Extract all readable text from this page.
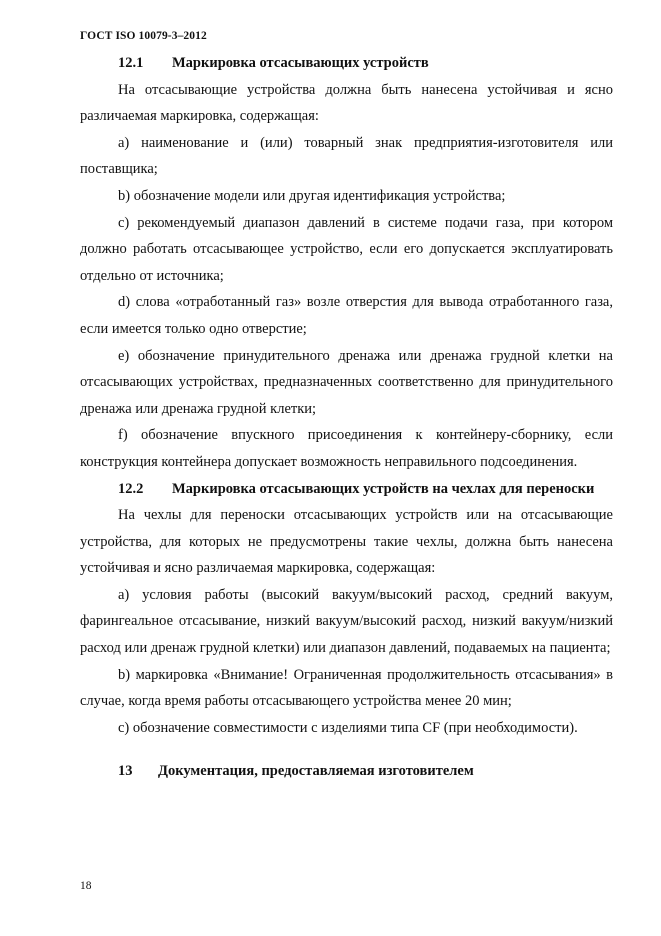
ГОСТ ISO 10079-3–2012

12.1 Маркировка отсасывающих устройств

На отсасывающие устройства должна быть нанесена устойчивая и ясно различаемая маркировка, содержащая:

а) наименование и (или) товарный знак предприятия-изготовителя или поставщика;

b) обозначение модели или другая идентификация устройства;

с) рекомендуемый диапазон давлений в системе подачи газа, при котором должно работать отсасывающее устройство, если его допускается эксплуатировать отдельно от источника;

d) слова «отработанный газ» возле отверстия для вывода отработанного газа, если имеется только одно отверстие;

е) обозначение принудительного дренажа или дренажа грудной клетки на отсасывающих устройствах, предназначенных соответственно для принудительного дренажа или дренажа грудной клетки;

f) обозначение впускного присоединения к контейнеру-сборнику, если конструкция контейнера допускает возможность неправильного подсоединения.

12.2 Маркировка отсасывающих устройств на чехлах для переноски

На чехлы для переноски отсасывающих устройств или на отсасывающие устройства, для которых не предусмотрены такие чехлы, должна быть нанесена устойчивая и ясно различаемая маркировка, содержащая:

а) условия работы (высокий вакуум/высокий расход, средний вакуум, фарингеальное отсасывание, низкий вакуум/высокий расход, низкий вакуум/низкий расход или дренаж грудной клетки) или диапазон давлений, подаваемых на пациента;

b) маркировка «Внимание! Ограниченная продолжительность отсасывания» в случае, когда время работы отсасывающего устройства менее 20 мин;

с) обозначение совместимости с изделиями типа CF (при необходимости).

13 Документация, предоставляемая изготовителем

18
